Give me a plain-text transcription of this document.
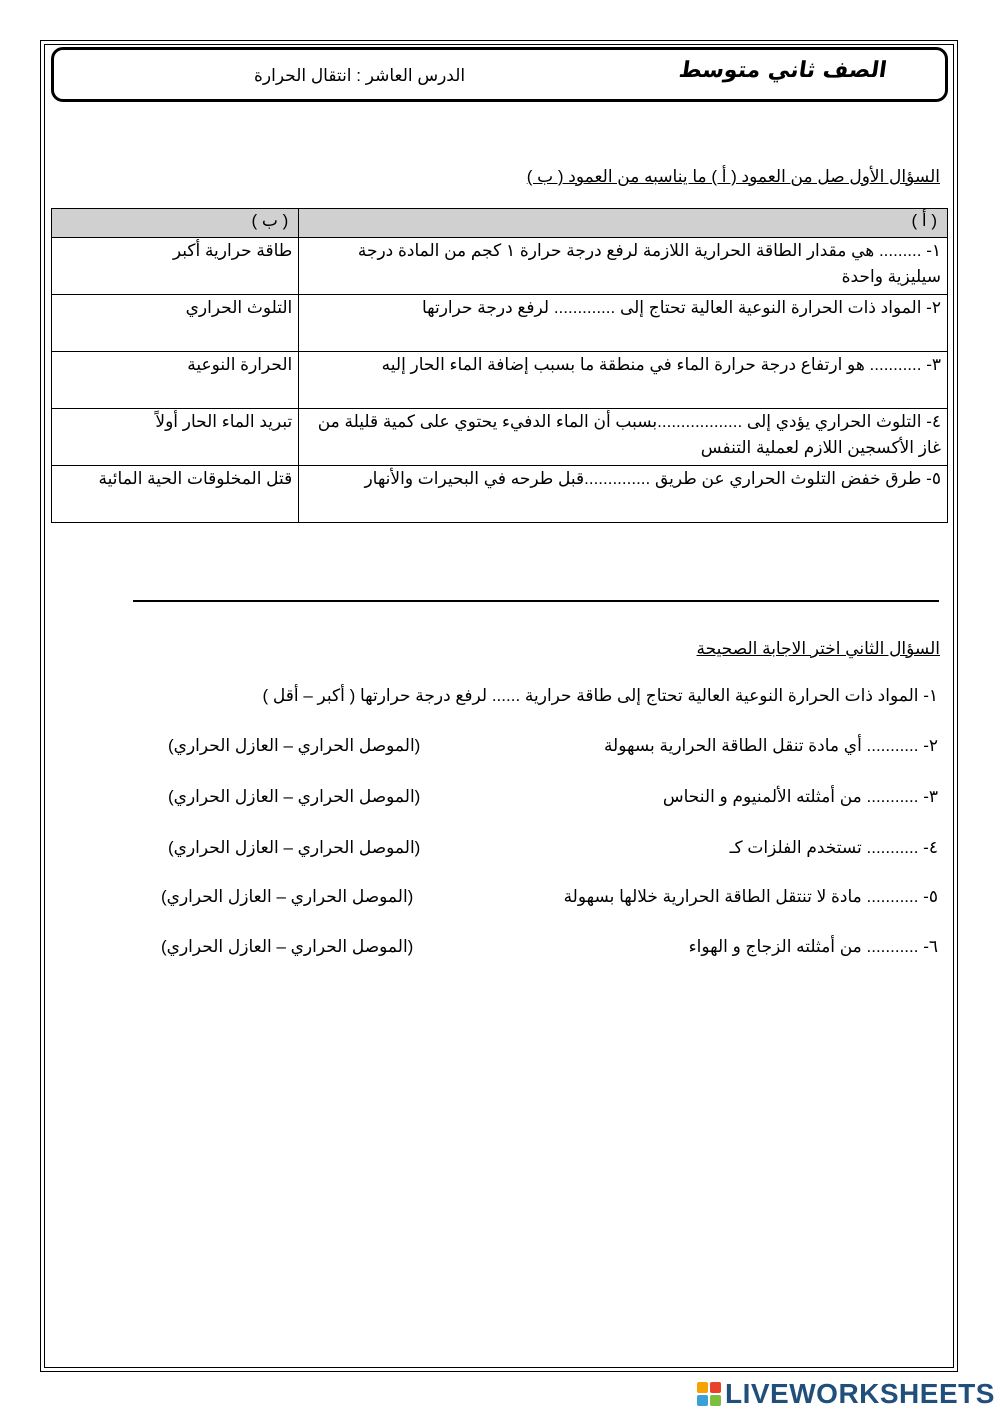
الصف ثاني متوسط
الدرس العاشر : انتقال الحرارة
السؤال الأول صل من العمود ( أ ) ما يناسبه من العمود ( ب )
( أ )	( ب )
١- ......... هي مقدار الطاقة الحرارية اللازمة لرفع درجة حرارة ١ كجم من المادة درجة سيليزية واحدة	طاقة حرارية أكبر
٢- المواد ذات الحرارة النوعية العالية تحتاج إلى ............. لرفع درجة حرارتها	التلوث الحراري
٣- ........... هو ارتفاع درجة حرارة الماء في منطقة ما بسبب إضافة الماء الحار إليه	الحرارة النوعية
٤- التلوث الحراري يؤدي إلى ..................بسبب أن الماء الدفيء يحتوي على كمية قليلة من غاز الأكسجين اللازم لعملية التنفس	تبريد الماء الحار أولاً
٥- طرق خفض التلوث الحراري عن طريق ..............قبل طرحه في البحيرات والأنهار	قتل المخلوقات الحية المائية
السؤال الثاني اختر الاجابة الصحيحة
١- المواد ذات الحرارة النوعية العالية تحتاج إلى طاقة حرارية ...... لرفع درجة حرارتها ( أكبر – أقل )
٢- ........... أي مادة تنقل الطاقة الحرارية بسهولة
(الموصل الحراري – العازل الحراري)
٣- ........... من أمثلته الألمنيوم و النحاس
(الموصل الحراري – العازل الحراري)
٤- ........... تستخدم الفلزات كـ
(الموصل الحراري – العازل الحراري)
٥- ........... مادة لا تنتقل الطاقة الحرارية خلالها بسهولة
(الموصل الحراري – العازل الحراري)
٦- ........... من أمثلته الزجاج و الهواء
(الموصل الحراري – العازل الحراري)
LIVEWORKSHEETS
